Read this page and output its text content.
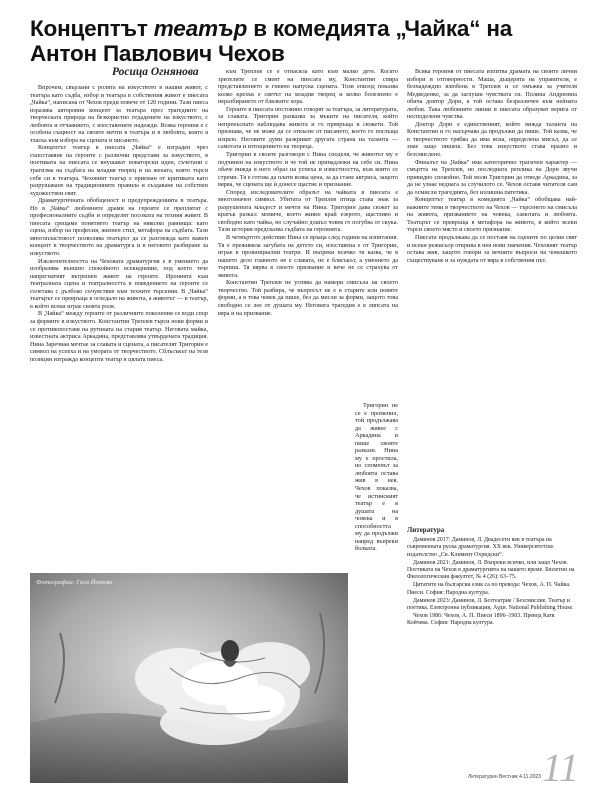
Концептът театър в комедията „Чайка“ на Антон Павлович Чехов
Росица Огнянова

Впрочем, свързани с ролята на изкуството в нашия живот, с театъра като съдба, избор и театъра в собствения живот е пиесата „Чайка“, написана от Чехов преди повече от 120 години. Тази пиеса изразява авторовия концепт за театъра през трагедиите на творческата природа на безкористно отдадените на изкуството, с любовта и отчаянието, с изоставените надежди. Всяка героиня е с особена същност на своите мечти в театъра и в любовта, която я тласка към избора на сцената и писането.

Концептът театър в пиесата „Чайка“ е изграден чрез съпоставяне на героите с различни представи за изкуството, в поетиката на пиесата се внушават новаторски идеи, съчетани с трагизма на съдбата на младия творец и на жената, която търси себе си в театъра. Чеховият театър е приеман от критиката като разрушаване на традиционните правила и създаване на собствен художествен свят.

Драматургичната обобщеност и предупрежденията в театъра. Но в „Чайка“ любовните драми на героите се преплитат с професионалните съдби и определят посоката на техния живот. В пиесата срещаме понятието театър на няколко равнища: като сцена, избор на професия, жизнен стил, метафора на съдбата. Тази многопластовост позволява театърът да се разглежда като важен концепт в творчеството на драматурга и в неговото разбиране за изкуството.

Изключителността на Чеховата драматургия е в умението да изобразява външно спокойното всекидневие, под което тече напрегнатият вътрешен живот на героите. Иронията към театралната сцена и театралността в поведението на героите се съчетава с дълбоко съчувствие към техните търсения. В „Чайка“ театърът се превръща в огледало на живота, а животът — в театър, в който всеки играе своята роля.

В „Чайка“ между героите от различните поколения се води спор за формите в изкуството. Константин Треплев търси нови форми и се противопоставя на рутината на стария театър. Неговата майка, известната актриса Аркадина, представлява утвърдената традиция. Нина Заречная мечтае за славата и сцената, а писателят Тригорин е символ на успеха и на умората от творчеството. Сблъсъкът на тези позиции изгражда концепта театър в цялата пиеса.

към Треплев се е отнасяла като към малко дете. Когато зрителите се смеят на пиесата му, Константин спира представлението и гневно напуска сцената. Този епизод показва колко крехък е светът на младия творец и колко болезнено е неразбирането от близките хора.

Героите в пиесата постоянно говорят за театъра, за литературата, за славата. Тригорин разказва за мъките на писателя, който непрекъснато наблюдава живота и го превръща в сюжети. Той признава, че не може да се откъсне от писането, което го поглъща изцяло. Неговите думи разкриват другата страна на таланта — самотата и изтощението на твореца.

Тригорин в своите разговори с Нина споделя, че животът му е подчинен на изкуството и че той не принадлежи на себе си. Нина обаче вижда в него образ на успеха и известността, към които се стреми. Тя е готова да плати всяка цена, за да стане актриса, защото вярва, че сцената ще ѝ донесе щастие и признание.

Според изследователите образът на чайката в пиесата е многозначен символ. Убитата от Треплев птица става знак за разрушената младост и мечти на Нина. Тригорин дава сюжет за кратък разказ: момиче, което живее край езерото, щастливо и свободно като чайка, но случайно дошъл човек го погубва от скука. Тази история предсказва съдбата на героинята.

В четвъртото действие Нина се връща след години на изпитания. Тя е преживяла загубата на детето си, изоставена е от Тригорин, играе в провинциални театри. И въпреки всичко тя казва, че в нашето дело главното не е славата, не е блясъкът, а умението да търпиш. Тя вярва в своето призвание и вече не се страхува от живота.

Константин Треплев не успява да намери смисъла на своето творчество. Той разбира, че въпросът не е в старите или новите форми, а в това човек да пише, без да мисли за форми, защото това свободно се лее от душата му. Неговата трагедия е в липсата на вяра и на призвание.

Тригорин не се е променил, той продължава да живее с Аркадина и пише своите разкази. Нина му е простила, но споменът за любовта остава жив в нея. Чехов показва, че истинският театър е в душата на човека и в способността му да продължи напред въпреки болката.

Всяка героиня от пиесата изпитва драмата на своите лични избори и отговорности. Маша, дъщерята на управителя, е безнадеждно влюбена в Треплев и се омъжва за учителя Медведенко, за да заглуши чувствата си. Полина Андреевна обича доктор Дорн, а той остава безразличен към нейната любов. Така любовните линии в пиесата образуват верига от несподелени чувства.

Доктор Дорн е единственият, който вижда таланта на Константин и го насърчава да продължи да пише. Той казва, че в творчеството трябва да има ясна, определена мисъл, да се знае защо пишеш. Без това изкуството става празно и безсмислено.

Финалът на „Чайка“ има категорично трагичен характер — смъртта на Треплев, но последната реплика на Дорн звучи привидно спокойно. Той моли Тригорин да отведе Аркадина, за да не узнае веднага за случилото се. Чехов оставя читателя сам да осмисли трагедията, без излишна патетика.

Концептът театър в комедията „Чайка“ обобщава най-важните теми в творчеството на Чехов — търсенето на смисъла на живота, призванието на човека, самотата и любовта. Театърът се превръща в метафора на живота, в който всеки търси своето място и своето признание.

Пиесата продължава да се поставя на сцените по целия свят и всеки режисьор открива в нея нови значения. Чеховият театър остава жив, защото говори за вечните въпроси на човешкото съществуване и за нуждата от вяра в собствения път.

Литература

Даминов 2017: Даминов, Л. Двадесети век в театъра на съвременната руска драматургия. ХХ век. Университетско издателство „Св. Климент Охридски“.

Даминов 2021: Даминов, Л. Въпреки всичко, или защо Чехов. Поетиката на Чехов в драматургията на нашето време. Бюлетин на Филологическия факултет, № 4 (26): 63–75.

Цитатите на български език са по превода: Чехов, А. П. Чайка. Пиеси. София: Народна култура.

Даминов 2023: Даминов, Л. Безтеатрие / Безсмислие. Театър и поетика. Електронна публикация, Ауди. National Publishing House.

Чехов 1986: Чехов, А. П. Пиеси 1896–1903. Превод Катя Койчева. София: Народна култура.

Фотографии: Галя Йотова
Литературен Вестник 4.11.2023 11
